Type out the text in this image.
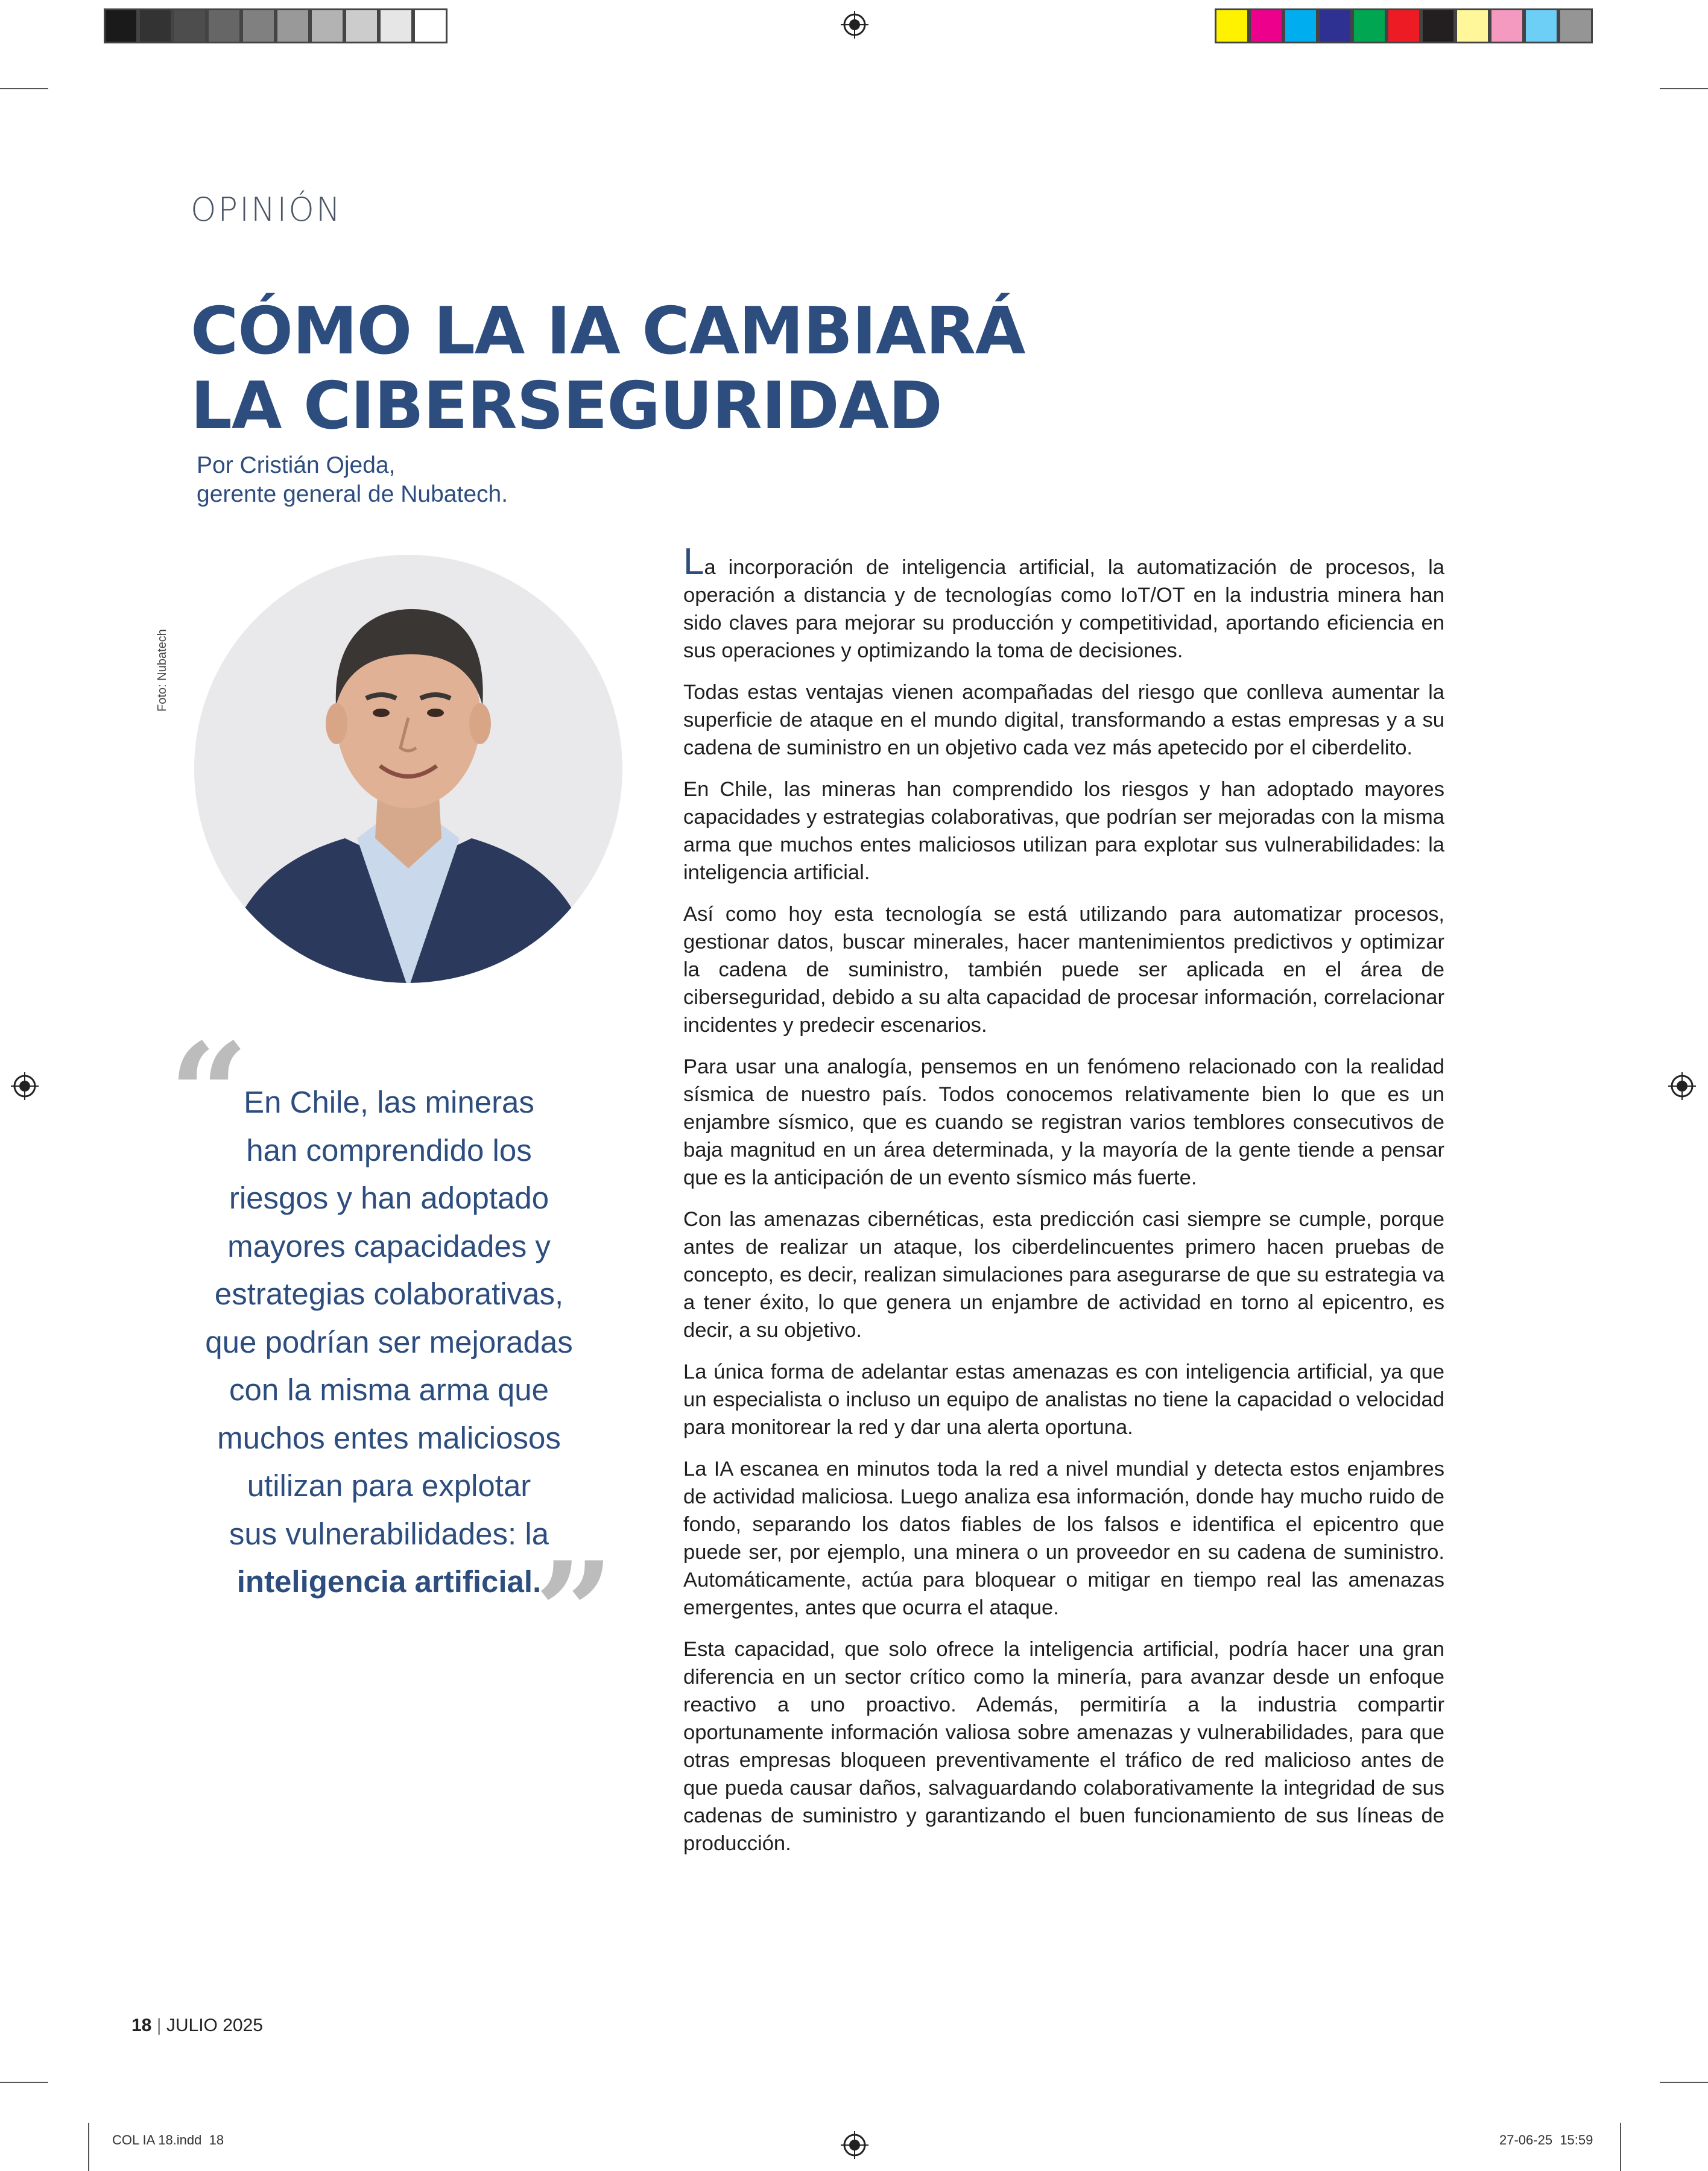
OPINIÓN
CÓMO LA IA CAMBIARÁ
LA CIBERSEGURIDAD
Por Cristián Ojeda,
gerente general de Nubatech.
Foto: Nubatech
“
En Chile, las mineras
han comprendido los
riesgos y han adoptado
mayores capacidades y
estrategias colaborativas,
que podrían ser mejoradas
con la misma arma que
muchos entes maliciosos
utilizan para explotar
sus vulnerabilidades: la
inteligencia artificial.
”

La incorporación de inteligencia artificial, la automatización de procesos, la operación a distancia y de tecnologías como IoT/OT en la industria minera han sido claves para mejorar su producción y competitividad, aportando eficiencia en sus operaciones y optimizando la toma de decisiones.

Todas estas ventajas vienen acompañadas del riesgo que conlleva aumentar la superficie de ataque en el mundo digital, transformando a estas empresas y a su cadena de suministro en un objetivo cada vez más apetecido por el ciberdelito.

En Chile, las mineras han comprendido los riesgos y han adoptado mayores capacidades y estrategias colaborativas, que podrían ser mejoradas con la misma arma que muchos entes maliciosos utilizan para explotar sus vulnerabilidades: la inteligencia artificial.

Así como hoy esta tecnología se está utilizando para automatizar procesos, gestionar datos, buscar minerales, hacer mantenimientos predictivos y optimizar la cadena de suministro, también puede ser aplicada en el área de ciberseguridad, debido a su alta capacidad de procesar información, correlacionar incidentes y predecir escenarios.

Para usar una analogía, pensemos en un fenómeno relacionado con la realidad sísmica de nuestro país. Todos conocemos relativamente bien lo que es un enjambre sísmico, que es cuando se registran varios temblores consecutivos de baja magnitud en un área determinada, y la mayoría de la gente tiende a pensar que es la anticipación de un evento sísmico más fuerte.

Con las amenazas cibernéticas, esta predicción casi siempre se cumple, porque antes de realizar un ataque, los ciberdelincuentes primero hacen pruebas de concepto, es decir, realizan simulaciones para asegurarse de que su estrategia va a tener éxito, lo que genera un enjambre de actividad en torno al epicentro, es decir, a su objetivo.

La única forma de adelantar estas amenazas es con inteligencia artificial, ya que un especialista o incluso un equipo de analistas no tiene la capacidad o velocidad para monitorear la red y dar una alerta oportuna.

La IA escanea en minutos toda la red a nivel mundial y detecta estos enjambres de actividad maliciosa. Luego analiza esa información, donde hay mucho ruido de fondo, separando los datos fiables de los falsos e identifica el epicentro que puede ser, por ejemplo, una minera o un proveedor en su cadena de suministro. Automáticamente, actúa para bloquear o mitigar en tiempo real las amenazas emergentes, antes que ocurra el ataque.

Esta capacidad, que solo ofrece la inteligencia artificial, podría hacer una gran diferencia en un sector crítico como la minería, para avanzar desde un enfoque reactivo a uno proactivo. Además, permitiría a la industria compartir oportunamente información valiosa sobre amenazas y vulnerabilidades, para que otras empresas bloqueen preventivamente el tráfico de red malicioso antes de que pueda causar daños, salvaguardando colaborativamente la integridad de sus cadenas de suministro y garantizando el buen funcionamiento de sus líneas de producción.

18 | JULIO 2025
COL IA 18.indd 18	27-06-25 15:59
